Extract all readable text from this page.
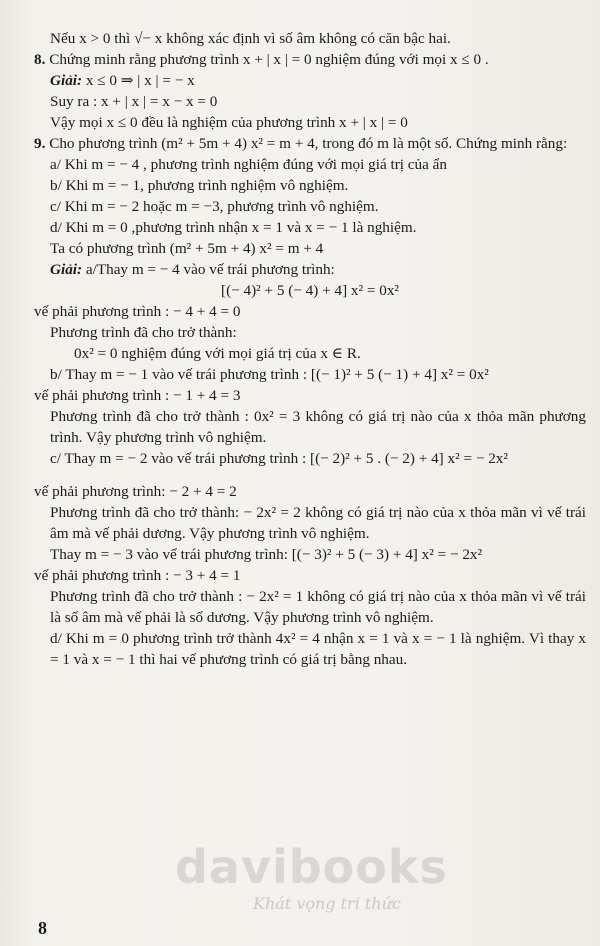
Nếu x > 0 thì √− x không xác định vì số âm không có căn bậc hai.
8. Chứng minh rằng phương trình x + | x | = 0 nghiệm đúng với mọi x ≤ 0 .
Giải: x ≤ 0 ⇒ | x | = − x
Suy ra : x + | x | = x − x = 0
Vậy mọi x ≤ 0 đều là nghiệm của phương trình x + | x | = 0
9. Cho phương trình (m² + 5m + 4) x² = m + 4, trong đó m là một số. Chứng minh rằng:
a/ Khi m = − 4 , phương trình nghiệm đúng với mọi giá trị của ẩn
b/ Khi m = − 1, phương trình nghiệm vô nghiệm.
c/ Khi m = − 2 hoặc m = −3, phương trình vô nghiệm.
d/ Khi m = 0 ,phương trình nhận x = 1 và x = − 1 là nghiệm.
Ta có phương trình (m² + 5m + 4) x² = m + 4
Giải: a/Thay m = − 4 vào vế trái phương trình:
[(− 4)² + 5 (− 4) + 4] x² = 0x²
vế phải phương trình : − 4 + 4 = 0
Phương trình đã cho trở thành:
0x² = 0 nghiệm đúng với mọi giá trị của x ∈ R.
b/ Thay m = − 1 vào vế trái phương trình : [(− 1)² + 5 (− 1) + 4] x² = 0x²
vế phải phương trình : − 1 + 4 = 3
Phương trình đã cho trở thành : 0x² = 3 không có giá trị nào của x thỏa mãn phương trình. Vậy phương trình vô nghiệm.
c/ Thay m = − 2 vào vế trái phương trình : [(− 2)² + 5 . (− 2) + 4] x² = − 2x²
vế phải phương trình: − 2 + 4 = 2
Phương trình đã cho trở thành: − 2x² = 2 không có giá trị nào của x thỏa mãn vì vế trái âm mà vế phải dương. Vậy phương trình vô nghiệm.
Thay m = − 3 vào vế trái phương trình: [(− 3)² + 5 (− 3) + 4] x² = − 2x²
vế phải phương trình : − 3 + 4 = 1
Phương trình đã cho trở thành : − 2x² = 1 không có giá trị nào của x thỏa mãn vì vế trái là số âm mà vế phải là số dương. Vậy phương trình vô nghiệm.
d/ Khi m = 0 phương trình trở thành 4x² = 4 nhận x = 1 và x = − 1 là nghiệm. Vì thay x = 1 và x = − 1 thì hai vế phương trình có giá trị bằng nhau.
davibooks
Khát vọng tri thức
8
